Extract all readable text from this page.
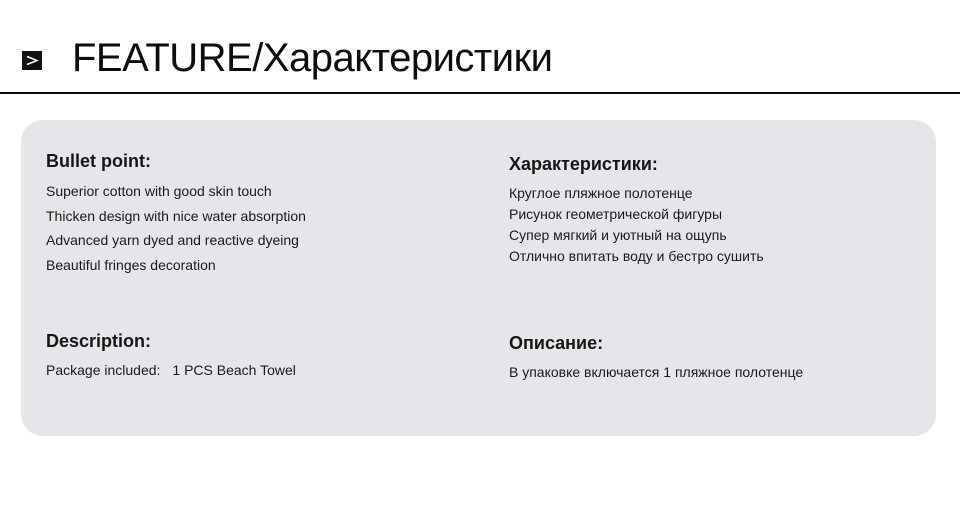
FEATURE/Характеристики
Bullet point:
Superior cotton with good skin touch
Thicken design with nice water absorption
Advanced yarn dyed and reactive dyeing
Beautiful fringes decoration
Description:
Package included: 1 PCS Beach Towel
Характеристики:
Круглое пляжное полотенце
Рисунок геометрической фигуры
Супер мягкий и уютный на ощупь
Отлично впитать воду и бестро сушить
Описание:
В упаковке включается 1 пляжное полотенце
